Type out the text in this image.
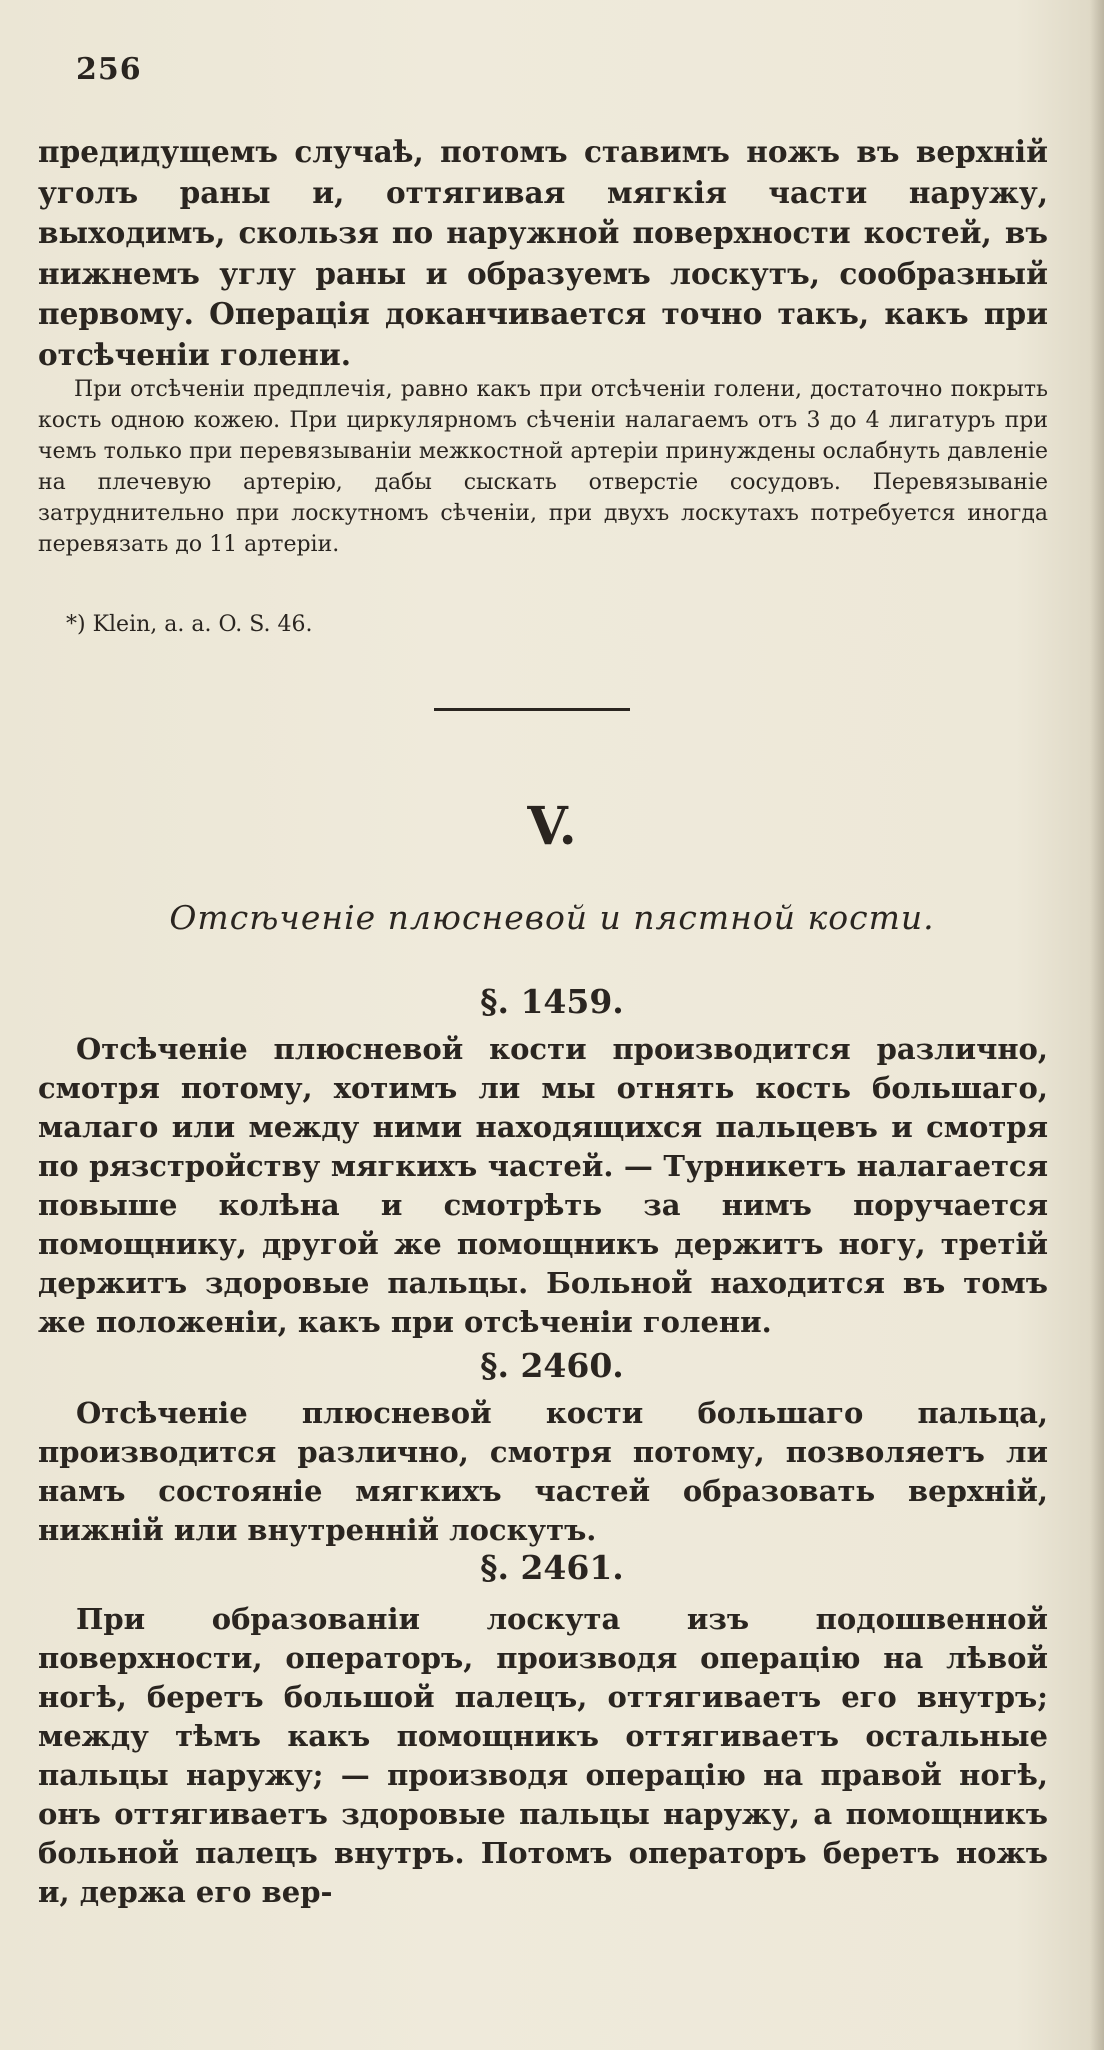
256

предидущемъ случаѣ, потомъ ставимъ ножъ въ верхній уголъ раны и, оттягивая мягкія части наружу, выходимъ, скользя по наружной поверхности костей, въ нижнемъ углу раны и образуемъ лоскутъ, сообразный первому. Операція доканчивается точно такъ, какъ при отсѣченіи голени.

При отсѣченіи предплечія, равно какъ при отсѣченіи голени, достаточно покрыть кость одною кожею. При циркулярномъ сѣченіи налагаемъ отъ 3 до 4 лигатуръ при чемъ только при перевязываніи межкостной артеріи принуждены ослабнуть давленіе на плечевую артерію, дабы сыскать отверстіе сосудовъ. Перевязываніе затруднительно при лоскутномъ сѣченіи, при двухъ лоскутахъ потребуется иногда перевязать до 11 артеріи.

*) Klein, a. a. O. S. 46.
V.
Отсѣченіе плюсневой и пястной кости.
§. 1459.

Отсѣченіе плюсневой кости производится различно, смотря потому, хотимъ ли мы отнять кость большаго, малаго или между ними находящихся пальцевъ и смотря по рязстройству мягкихъ частей. — Турникетъ налагается повыше колѣна и смотрѣть за нимъ поручается помощнику, другой же помощникъ держитъ ногу, третій держитъ здоровые пальцы. Больной находится въ томъ же положеніи, какъ при отсѣченіи голени.

§. 2460.

Отсѣченіе плюсневой кости большаго пальца, производится различно, смотря потому, позволяетъ ли намъ состояніе мягкихъ частей образовать верхній, нижній или внутренній лоскутъ.

§. 2461.

При образованіи лоскута изъ подошвенной поверхности, операторъ, производя операцію на лѣвой ногѣ, беретъ большой палецъ, оттягиваетъ его внутръ; между тѣмъ какъ помощникъ оттягиваетъ остальные пальцы наружу; — производя операцію на правой ногѣ, онъ оттягиваетъ здоровые пальцы наружу, а помощникъ больной палецъ внутръ. Потомъ операторъ беретъ ножъ и, держа его вер-
